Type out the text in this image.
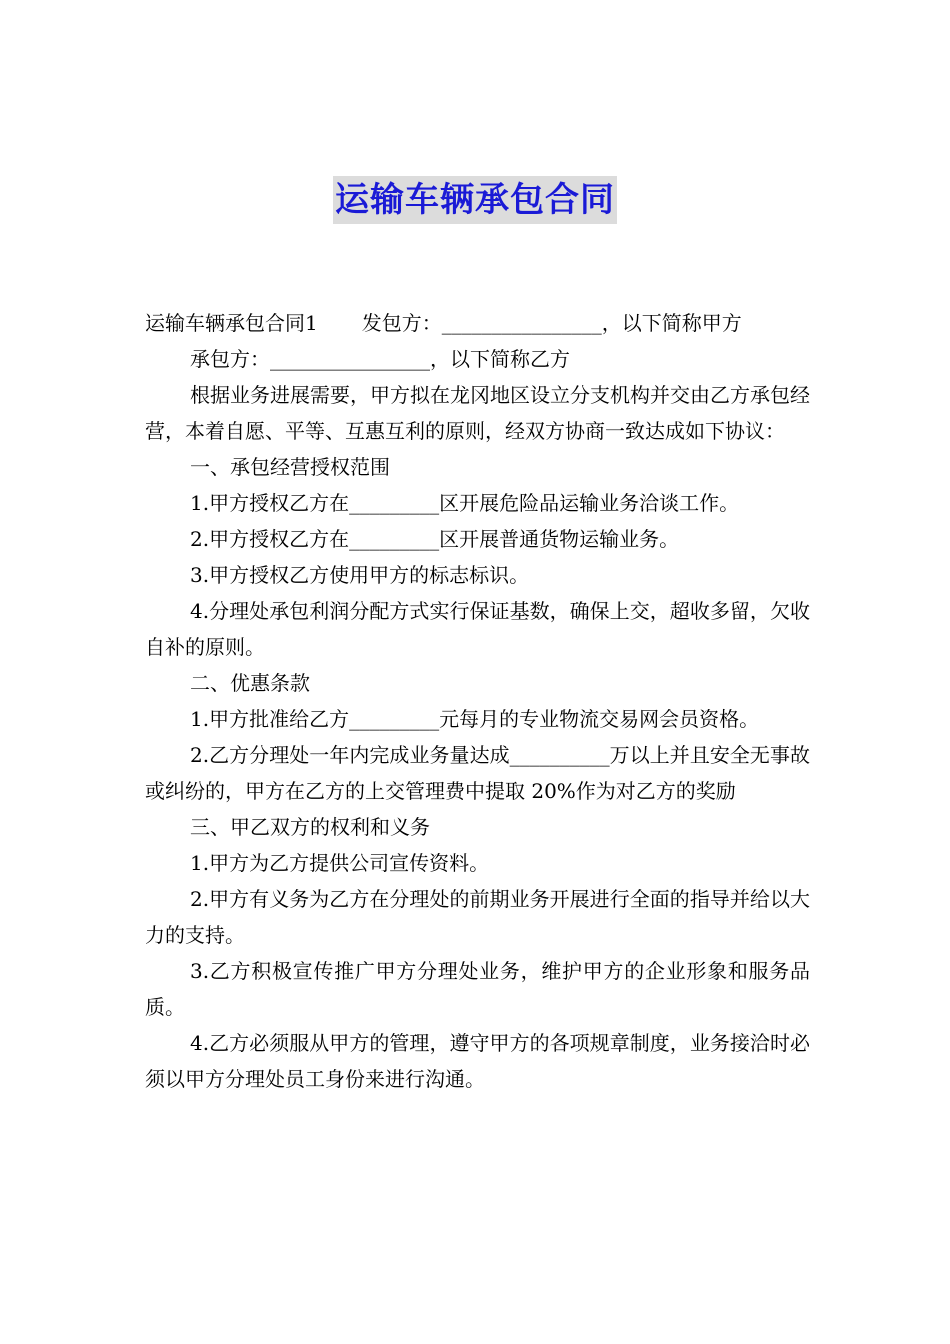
运输车辆承包合同

运输车辆承包合同1 发包方：________________，以下简称甲方

承包方：________________，以下简称乙方

根据业务进展需要，甲方拟在龙冈地区设立分支机构并交由乙方承包经营，本着自愿、平等、互惠互利的原则，经双方协商一致达成如下协议：

一、承包经营授权范围

1.甲方授权乙方在_________区开展危险品运输业务洽谈工作。

2.甲方授权乙方在_________区开展普通货物运输业务。

3.甲方授权乙方使用甲方的标志标识。

4.分理处承包利润分配方式实行保证基数，确保上交，超收多留，欠收自补的原则。

二、优惠条款

1.甲方批准给乙方_________元每月的专业物流交易网会员资格。

2.乙方分理处一年内完成业务量达成__________万以上并且安全无事故或纠纷的，甲方在乙方的上交管理费中提取 20%作为对乙方的奖励

三、甲乙双方的权利和义务

1.甲方为乙方提供公司宣传资料。

2.甲方有义务为乙方在分理处的前期业务开展进行全面的指导并给以大力的支持。

3.乙方积极宣传推广甲方分理处业务，维护甲方的企业形象和服务品质。

4.乙方必须服从甲方的管理，遵守甲方的各项规章制度，业务接洽时必须以甲方分理处员工身份来进行沟通。
